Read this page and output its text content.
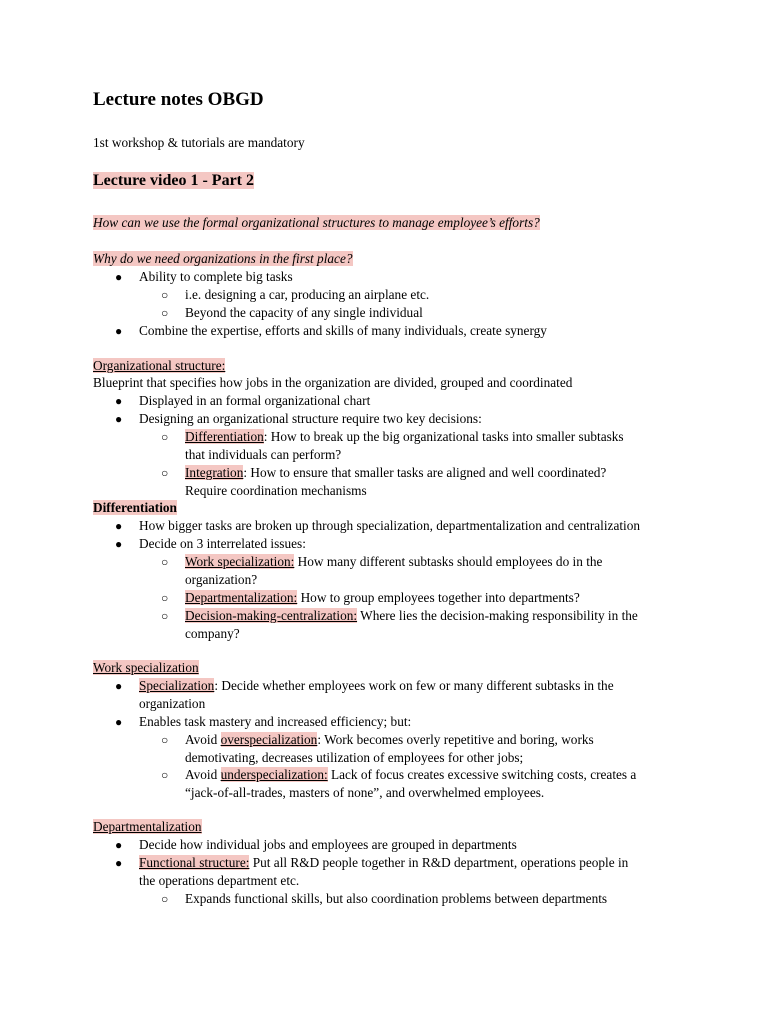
Lecture notes OBGD
1st workshop & tutorials are mandatory
Lecture video 1 - Part 2
How can we use the formal organizational structures to manage employee’s efforts?
Why do we need organizations in the first place?
● Ability to complete big tasks
○ i.e. designing a car, producing an airplane etc.
○ Beyond the capacity of any single individual
● Combine the expertise, efforts and skills of many individuals, create synergy
Organizational structure:
Blueprint that specifies how jobs in the organization are divided, grouped and coordinated
● Displayed in an formal organizational chart
● Designing an organizational structure require two key decisions:
○ Differentiation: How to break up the big organizational tasks into smaller subtasks
that individuals can perform?
○ Integration: How to ensure that smaller tasks are aligned and well coordinated?
Require coordination mechanisms
Differentiation
● How bigger tasks are broken up through specialization, departmentalization and centralization
● Decide on 3 interrelated issues:
○ Work specialization: How many different subtasks should employees do in the
organization?
○ Departmentalization: How to group employees together into departments?
○ Decision-making-centralization: Where lies the decision-making responsibility in the
company?
Work specialization
● Specialization: Decide whether employees work on few or many different subtasks in the
organization
● Enables task mastery and increased efficiency; but:
○ Avoid overspecialization: Work becomes overly repetitive and boring, works
demotivating, decreases utilization of employees for other jobs;
○ Avoid underspecialization: Lack of focus creates excessive switching costs, creates a
“jack-of-all-trades, masters of none”, and overwhelmed employees.
Departmentalization
● Decide how individual jobs and employees are grouped in departments
● Functional structure: Put all R&D people together in R&D department, operations people in
the operations department etc.
○ Expands functional skills, but also coordination problems between departments
